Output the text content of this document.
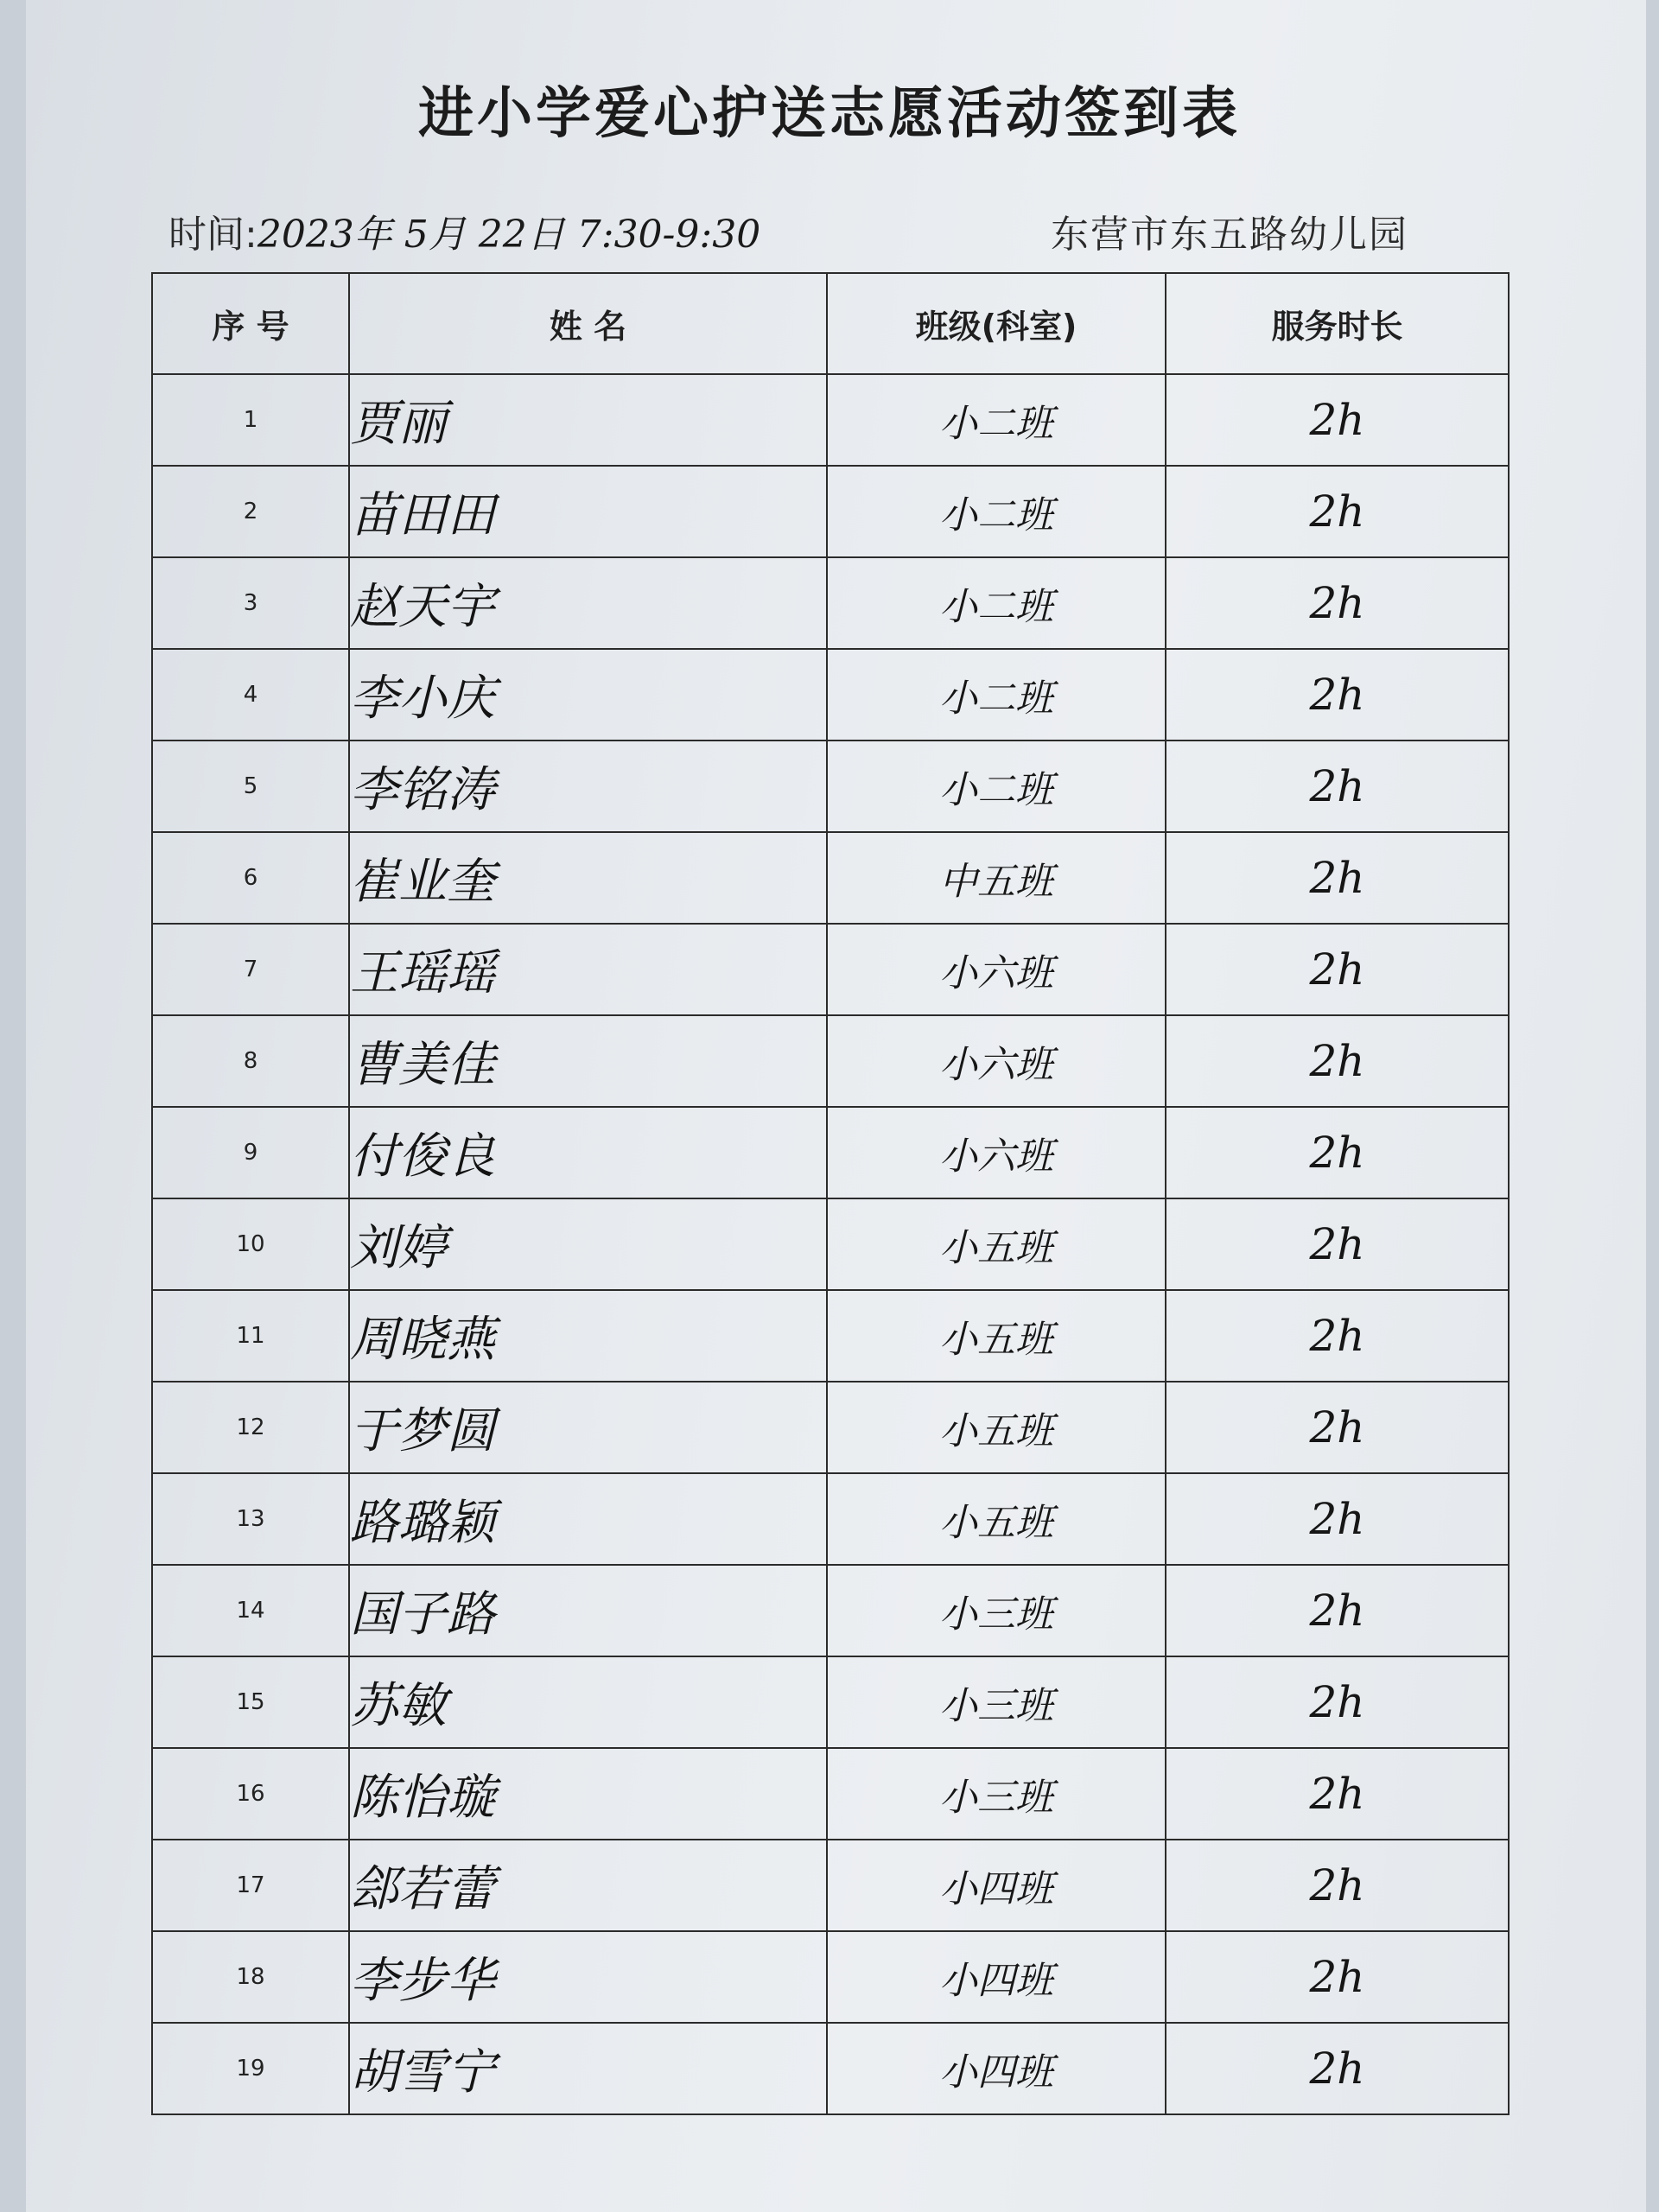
进小学爱心护送志愿活动签到表
时间:2023年 5月 22日 7:30-9:30	东营市东五路幼儿园
序 号	姓 名	班级(科室)	服务时长
1	贾丽	小二班	2h
2	苗田田	小二班	2h
3	赵天宇	小二班	2h
4	李小庆	小二班	2h
5	李铭涛	小二班	2h
6	崔业奎	中五班	2h
7	王瑶瑶	小六班	2h
8	曹美佳	小六班	2h
9	付俊良	小六班	2h
10	刘婷	小五班	2h
11	周晓燕	小五班	2h
12	于梦圆	小五班	2h
13	路璐颖	小五班	2h
14	国子路	小三班	2h
15	苏敏	小三班	2h
16	陈怡璇	小三班	2h
17	郐若蕾	小四班	2h
18	李步华	小四班	2h
19	胡雪宁	小四班	2h
